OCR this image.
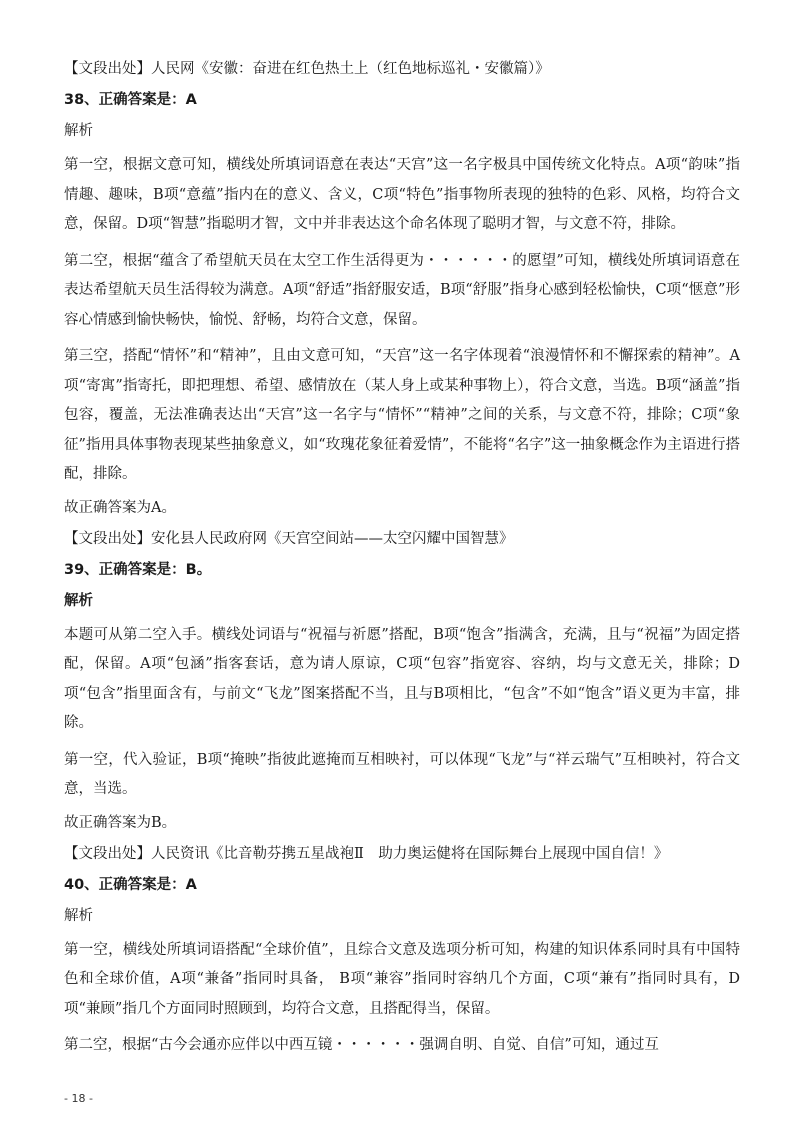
【文段出处】人民网《安徽：奋进在红色热土上（红色地标巡礼・安徽篇）》

38、正确答案是：A

解析

第一空，根据文意可知，横线处所填词语意在表达“天宫”这一名字极具中国传统文化特点。A项“韵味”指情趣、趣味，B项“意蕴”指内在的意义、含义，C项“特色”指事物所表现的独特的色彩、风格，均符合文意，保留。D项“智慧”指聪明才智，文中并非表达这个命名体现了聪明才智，与文意不符，排除。

第二空，根据“蕴含了希望航天员在太空工作生活得更为・・・・・・的愿望”可知，横线处所填词语意在表达希望航天员生活得较为满意。A项“舒适”指舒服安适，B项“舒服”指身心感到轻松愉快，C项“惬意”形容心情感到愉快畅快，愉悦、舒畅，均符合文意，保留。

第三空，搭配“情怀”和“精神”，且由文意可知，“天宫”这一名字体现着“浪漫情怀和不懈探索的精神”。A项“寄寓”指寄托，即把理想、希望、感情放在（某人身上或某种事物上），符合文意，当选。B项“涵盖”指包容，覆盖，无法准确表达出“天宫”这一名字与“情怀”“精神”之间的关系，与文意不符，排除；C项“象征”指用具体事物表现某些抽象意义，如“玫瑰花象征着爱情”，不能将“名字”这一抽象概念作为主语进行搭配，排除。

故正确答案为A。

【文段出处】安化县人民政府网《天宫空间站——太空闪耀中国智慧》

39、正确答案是：B。

解析

本题可从第二空入手。横线处词语与“祝福与祈愿”搭配，B项“饱含”指满含，充满，且与“祝福”为固定搭配，保留。A项“包涵”指客套话，意为请人原谅，C项“包容”指宽容、容纳，均与文意无关，排除；D项“包含”指里面含有，与前文“飞龙”图案搭配不当，且与B项相比，“包含”不如“饱含”语义更为丰富，排除。

第一空，代入验证，B项“掩映”指彼此遮掩而互相映衬，可以体现“飞龙”与“祥云瑞气”互相映衬，符合文意，当选。

故正确答案为B。

【文段出处】人民资讯《比音勒芬携五星战袍Ⅱ　助力奥运健将在国际舞台上展现中国自信！》

40、正确答案是：A

解析

第一空，横线处所填词语搭配“全球价值”，且综合文意及选项分析可知，构建的知识体系同时具有中国特色和全球价值，A项“兼备”指同时具备， B项“兼容”指同时容纳几个方面，C项“兼有”指同时具有，D项“兼顾”指几个方面同时照顾到，均符合文意，且搭配得当，保留。

第二空，根据“古今会通亦应伴以中西互镜・・・・・・强调自明、自觉、自信”可知，通过互

- 18 -
